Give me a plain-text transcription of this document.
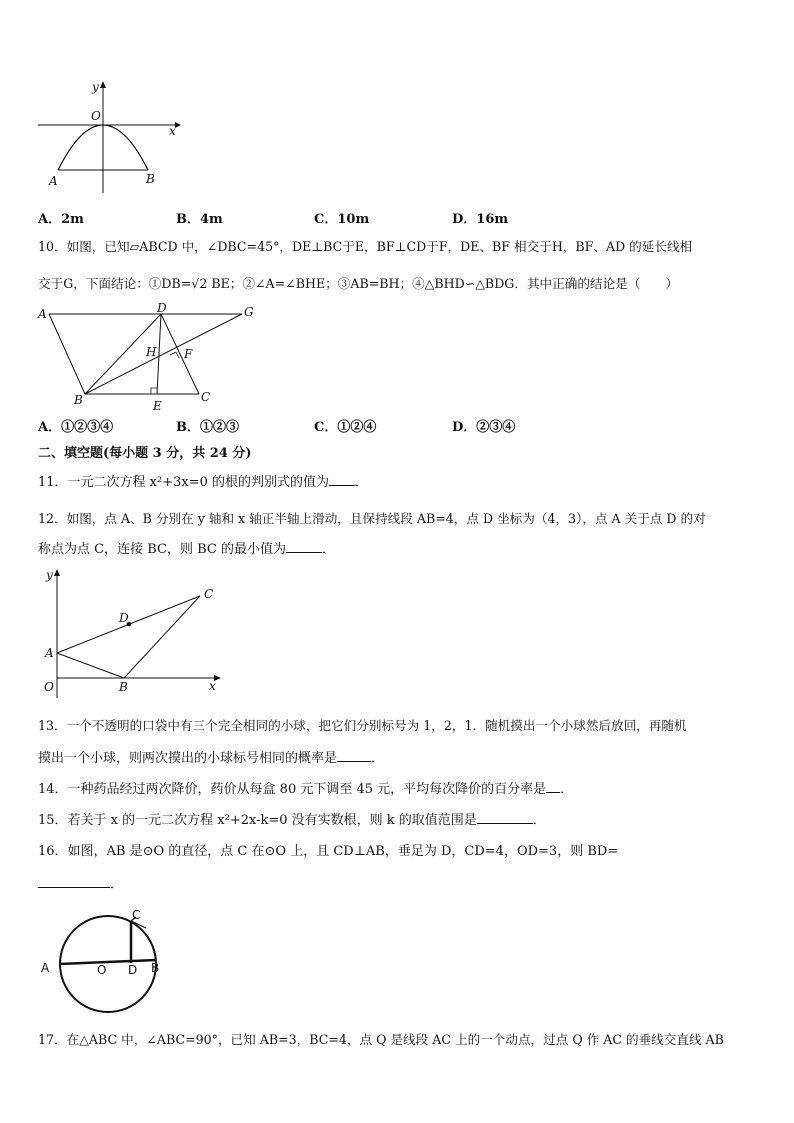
y
O
x
A	B
A．2m	B．4m	C．10m	D．16m
10．如图，已知▱ABCD 中，∠DBC=45°，DE⊥BC于E，BF⊥CD于F，DE、BF 相交于H，BF、AD 的延长线相
交于G，下面结论：①DB=√2 BE；②∠A=∠BHE；③AB=BH；④△BHD∽△BDG．其中正确的结论是（　　）
A	D	G
H F
B	E
C
A．①②③④	B．①②③	C．①②④	D．②③④
二、填空题(每小题 3 分，共 24 分)
11．一元二次方程 x²+3x=0 的根的判别式的值为 ．
12．如图，点 A、B 分别在 y 轴和 x 轴正半轴上滑动，且保持线段 AB=4，点 D 坐标为（4，3），点 A 关于点 D 的对
称点为点 C，连接 BC，则 BC 的最小值为	．
y
C
D
A
O	B	x
13．一个不透明的口袋中有三个完全相同的小球，把它们分别标号为 1，2，1．随机摸出一个小球然后放回，再随机
摸出一个小球，则两次摸出的小球标号相同的概率是	．
14．一种药品经过两次降价，药价从每盒 80 元下调至 45 元，平均每次降价的百分率是 ．
15．若关于 x 的一元二次方程 x²+2x-k=0 没有实数根，则 k 的取值范围是	．
16．如图，AB 是⊙O 的直径，点 C 在⊙O 上，且 CD⊥AB，垂足为 D，CD=4，OD=3，则 BD=
．
C
A	O D B
17．在△ABC 中，∠ABC=90°，已知 AB=3，BC=4，点 Q 是线段 AC 上的一个动点，过点 Q 作 AC 的垂线交直线 AB
